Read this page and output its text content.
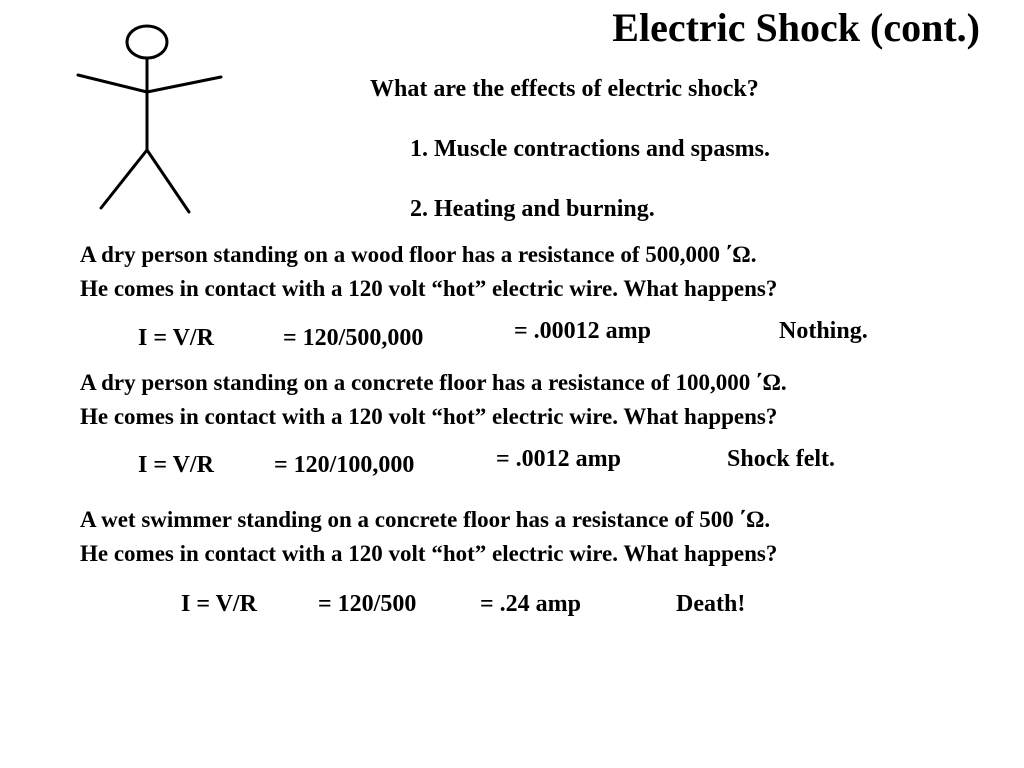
Electric Shock (cont.)

What are the effects of electric shock?

1. Muscle contractions and spasms.

2. Heating and burning.

A dry person standing on a wood floor has a resistance of 500,000 ΄Ω.

He comes in contact with a 120 volt “hot” electric wire. What happens?

I = V/R	= 120/500,000	= .00012 amp	Nothing.

A dry person standing on a concrete floor has a resistance of 100,000 ΄Ω.

He comes in contact with a 120 volt “hot” electric wire. What happens?

I = V/R	= 120/100,000	= .0012 amp	Shock felt.

A wet swimmer standing on a concrete floor has a resistance of 500 ΄Ω.

He comes in contact with a 120 volt “hot” electric wire. What happens?

I = V/R	= 120/500	= .24 amp	Death!
